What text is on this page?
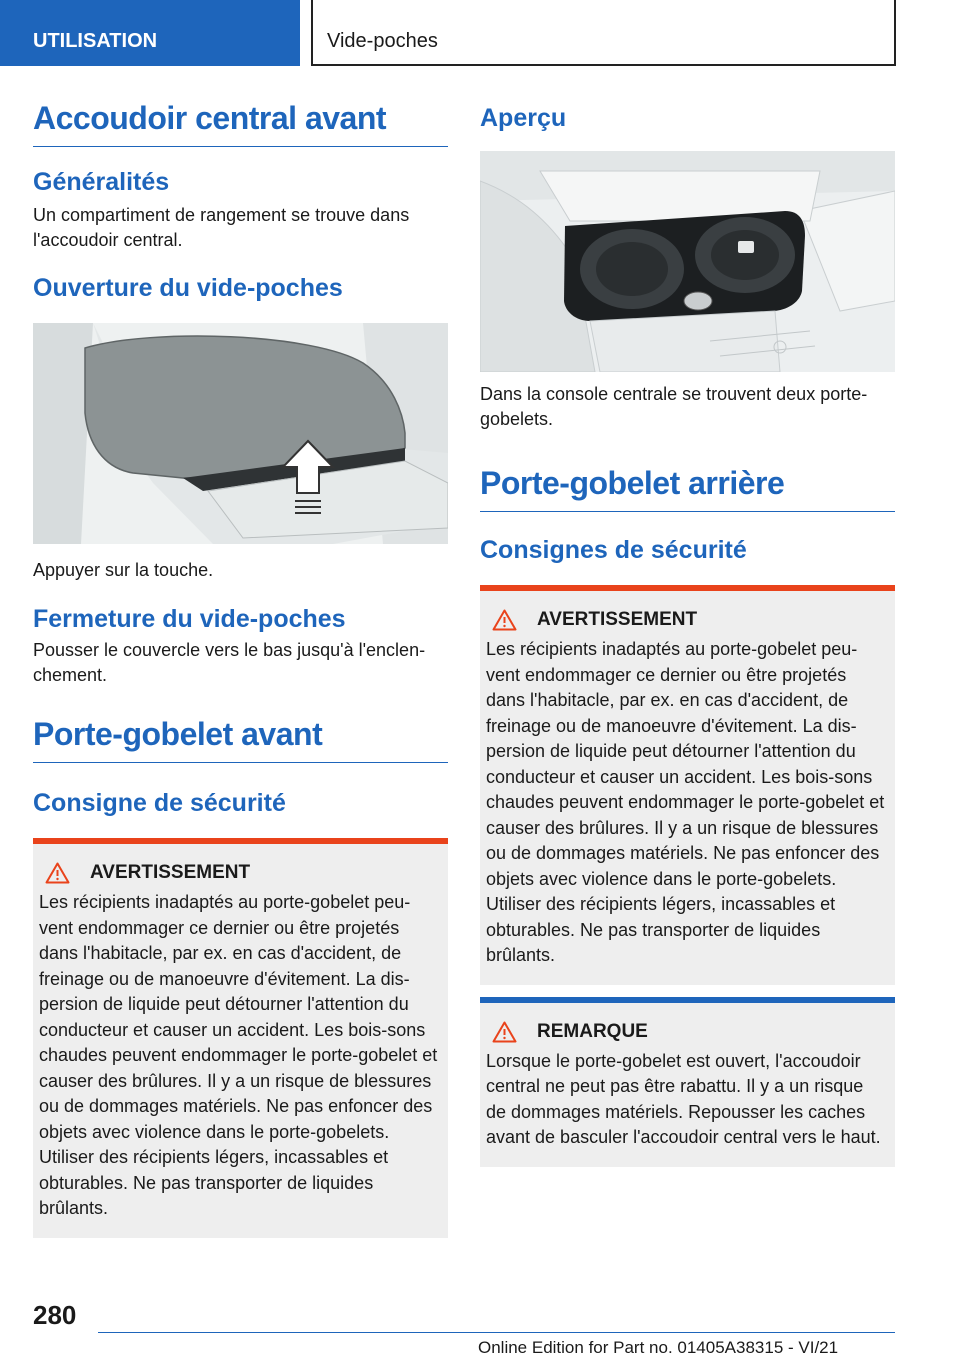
UTILISATION	Vide-poches
Accoudoir central avant
Généralités

Un compartiment de rangement se trouve dans l'accoudoir central.

Ouverture du vide-poches

Appuyer sur la touche.

Fermeture du vide-poches

Pousser le couvercle vers le bas jusqu'à l'enclen-chement.

Porte-gobelet avant
Consigne de sécurité
AVERTISSEMENT
Les récipients inadaptés au porte-gobelet peu-vent endommager ce dernier ou être projetés dans l'habitacle, par ex. en cas d'accident, de freinage ou de manoeuvre d'évitement. La dis-persion de liquide peut détourner l'attention du conducteur et causer un accident. Les bois-sons chaudes peuvent endommager le porte-gobelet et causer des brûlures. Il y a un risque de blessures ou de dommages matériels. Ne pas enfoncer des objets avec violence dans le porte-gobelets. Utiliser des récipients légers, incassables et obturables. Ne pas transporter de liquides brûlants.
Aperçu

Dans la console centrale se trouvent deux porte-gobelets.

Porte-gobelet arrière
Consignes de sécurité
AVERTISSEMENT
Les récipients inadaptés au porte-gobelet peu-vent endommager ce dernier ou être projetés dans l'habitacle, par ex. en cas d'accident, de freinage ou de manoeuvre d'évitement. La dis-persion de liquide peut détourner l'attention du conducteur et causer un accident. Les bois-sons chaudes peuvent endommager le porte-gobelet et causer des brûlures. Il y a un risque de blessures ou de dommages matériels. Ne pas enfoncer des objets avec violence dans le porte-gobelets. Utiliser des récipients légers, incassables et obturables. Ne pas transporter de liquides brûlants.
REMARQUE
Lorsque le porte-gobelet est ouvert, l'accoudoir central ne peut pas être rabattu. Il y a un risque de dommages matériels. Repousser les caches avant de basculer l'accoudoir central vers le haut.
280
Online Edition for Part no. 01405A38315 - VI/21
